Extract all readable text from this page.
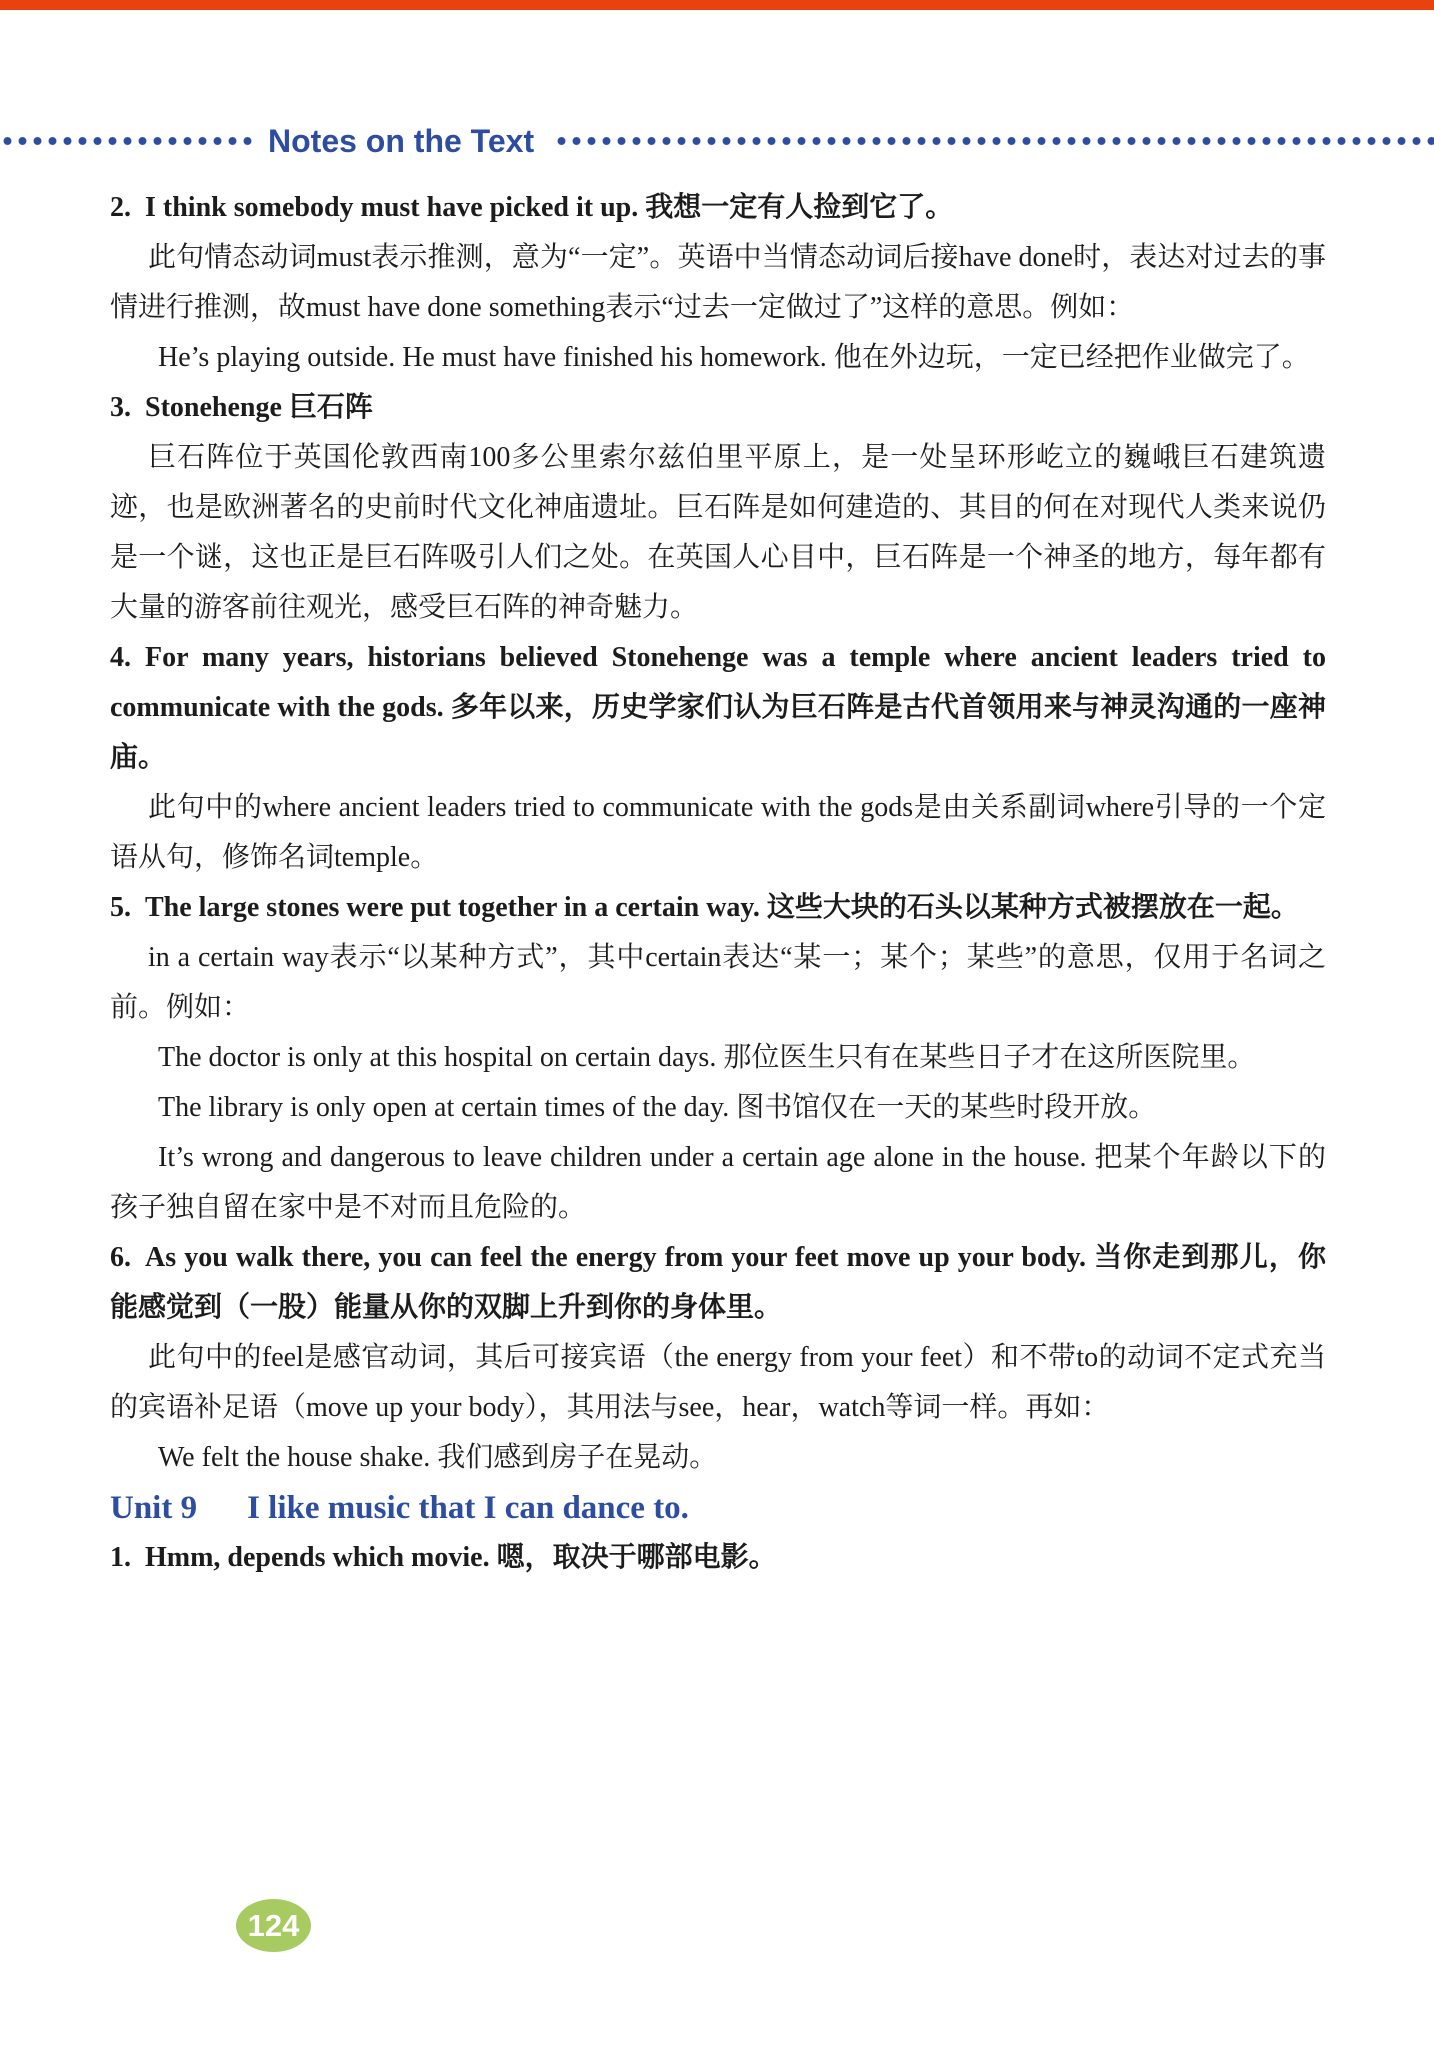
Notes on the Text

2. I think somebody must have picked it up. 我想一定有人捡到它了。

此句情态动词must表示推测，意为“一定”。英语中当情态动词后接have done时，表达对过去的事情进行推测，故must have done something表示“过去一定做过了”这样的意思。例如：

He’s playing outside. He must have finished his homework. 他在外边玩，一定已经把作业做完了。

3. Stonehenge 巨石阵

巨石阵位于英国伦敦西南100多公里索尔兹伯里平原上，是一处呈环形屹立的巍峨巨石建筑遗迹，也是欧洲著名的史前时代文化神庙遗址。巨石阵是如何建造的、其目的何在对现代人类来说仍是一个谜，这也正是巨石阵吸引人们之处。在英国人心目中，巨石阵是一个神圣的地方，每年都有大量的游客前往观光，感受巨石阵的神奇魅力。

4. For many years, historians believed Stonehenge was a temple where ancient leaders tried to communicate with the gods. 多年以来，历史学家们认为巨石阵是古代首领用来与神灵沟通的一座神庙。

此句中的where ancient leaders tried to communicate with the gods是由关系副词where引导的一个定语从句，修饰名词temple。

5. The large stones were put together in a certain way. 这些大块的石头以某种方式被摆放在一起。

in a certain way表示“以某种方式”，其中certain表达“某一；某个；某些”的意思，仅用于名词之前。例如：

The doctor is only at this hospital on certain days. 那位医生只有在某些日子才在这所医院里。

The library is only open at certain times of the day. 图书馆仅在一天的某些时段开放。

It’s wrong and dangerous to leave children under a certain age alone in the house. 把某个年龄以下的孩子独自留在家中是不对而且危险的。

6. As you walk there, you can feel the energy from your feet move up your body. 当你走到那儿，你能感觉到（一股）能量从你的双脚上升到你的身体里。

此句中的feel是感官动词，其后可接宾语（the energy from your feet）和不带to的动词不定式充当的宾语补足语（move up your body），其用法与see，hear，watch等词一样。再如：

We felt the house shake. 我们感到房子在晃动。

Unit 9 I like music that I can dance to.

1. Hmm, depends which movie. 嗯，取决于哪部电影。

124
